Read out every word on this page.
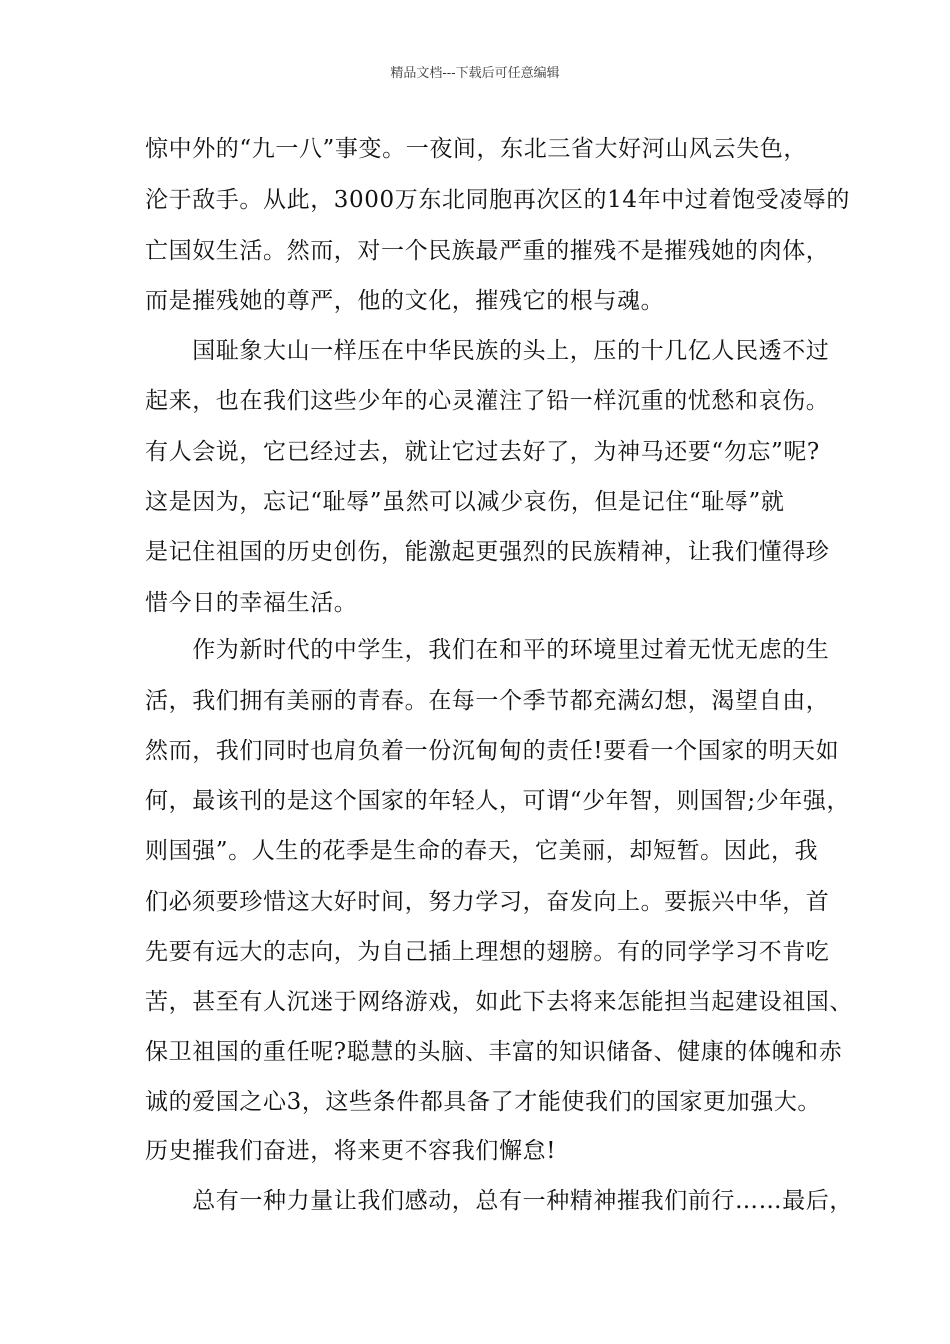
精品文档---下载后可任意编辑
惊中外的“九一八”事变。一夜间，东北三省大好河山风云失色，
沦于敌手。从此，3000万东北同胞再次区的14年中过着饱受凌辱的
亡国奴生活。然而，对一个民族最严重的摧残不是摧残她的肉体，
而是摧残她的尊严，他的文化，摧残它的根与魂。
　　国耻象大山一样压在中华民族的头上，压的十几亿人民透不过
起来，也在我们这些少年的心灵灌注了铅一样沉重的忧愁和哀伤。
有人会说，它已经过去，就让它过去好了，为神马还要“勿忘”呢?
这是因为，忘记“耻辱”虽然可以减少哀伤，但是记住“耻辱”就
是记住祖国的历史创伤，能激起更强烈的民族精神，让我们懂得珍
惜今日的幸福生活。
　　作为新时代的中学生，我们在和平的环境里过着无忧无虑的生
活，我们拥有美丽的青春。在每一个季节都充满幻想，渴望自由，
然而，我们同时也肩负着一份沉甸甸的责任!要看一个国家的明天如
何，最该刊的是这个国家的年轻人，可谓“少年智，则国智;少年强，
则国强”。人生的花季是生命的春天，它美丽，却短暂。因此，我
们必须要珍惜这大好时间，努力学习，奋发向上。要振兴中华，首
先要有远大的志向，为自己插上理想的翅膀。有的同学学习不肯吃
苦，甚至有人沉迷于网络游戏，如此下去将来怎能担当起建设祖国、
保卫祖国的重任呢?聪慧的头脑、丰富的知识储备、健康的体魄和赤
诚的爱国之心3，这些条件都具备了才能使我们的国家更加强大。
历史摧我们奋进，将来更不容我们懈怠!
　　总有一种力量让我们感动，总有一种精神摧我们前行……最后，
